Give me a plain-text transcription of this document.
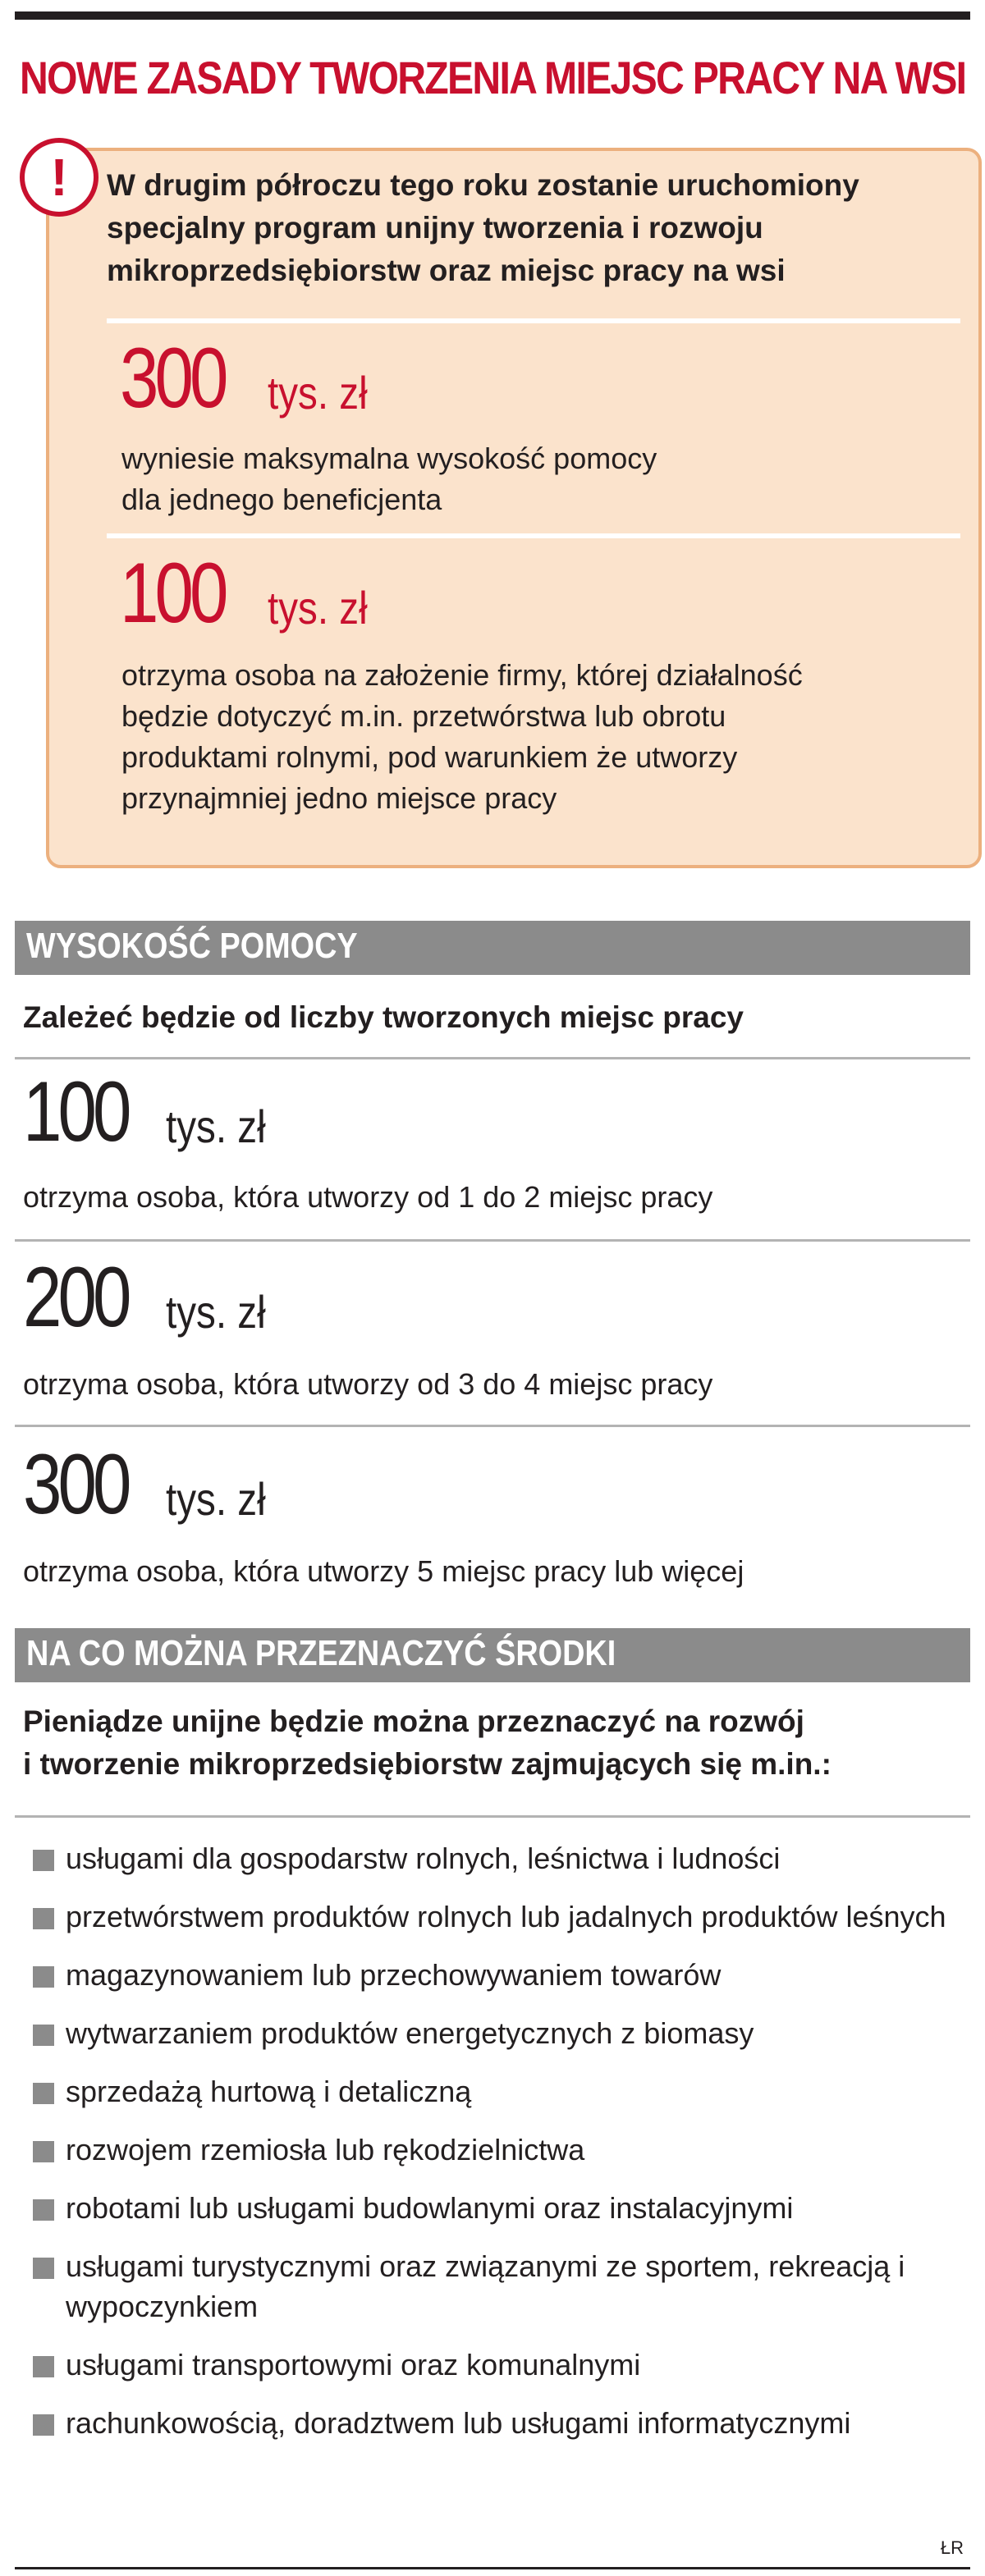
NOWE ZASADY TWORZENIA MIEJSC PRACY NA WSI
!	W drugim półroczu tego roku zostanie uruchomiony
specjalny program unijny tworzenia i rozwoju
mikroprzedsiębiorstw oraz miejsc pracy na wsi
300 tys. zł
wyniesie maksymalna wysokość pomocy
dla jednego beneficjenta
100 tys. zł
otrzyma osoba na założenie firmy, której działalność
będzie dotyczyć m.in. przetwórstwa lub obrotu
produktami rolnymi, pod warunkiem że utworzy
przynajmniej jedno miejsce pracy
WYSOKOŚĆ POMOCY
Zależeć będzie od liczby tworzonych miejsc pracy
100 tys. zł
otrzyma osoba, która utworzy od 1 do 2 miejsc pracy
200 tys. zł
otrzyma osoba, która utworzy od 3 do 4 miejsc pracy
300 tys. zł
otrzyma osoba, która utworzy 5 miejsc pracy lub więcej
NA CO MOŻNA PRZEZNACZYĆ ŚRODKI
Pieniądze unijne będzie można przeznaczyć na rozwój
i tworzenie mikroprzedsiębiorstw zajmujących się m.in.:
usługami dla gospodarstw rolnych, leśnictwa i ludności
przetwórstwem produktów rolnych lub jadalnych produktów leśnych
magazynowaniem lub przechowywaniem towarów
wytwarzaniem produktów energetycznych z biomasy
sprzedażą hurtową i detaliczną
rozwojem rzemiosła lub rękodzielnictwa
robotami lub usługami budowlanymi oraz instalacyjnymi
usługami turystycznymi oraz związanymi ze sportem, rekreacją i wypoczynkiem
usługami transportowymi oraz komunalnymi
rachunkowością, doradztwem lub usługami informatycznymi
ŁR
